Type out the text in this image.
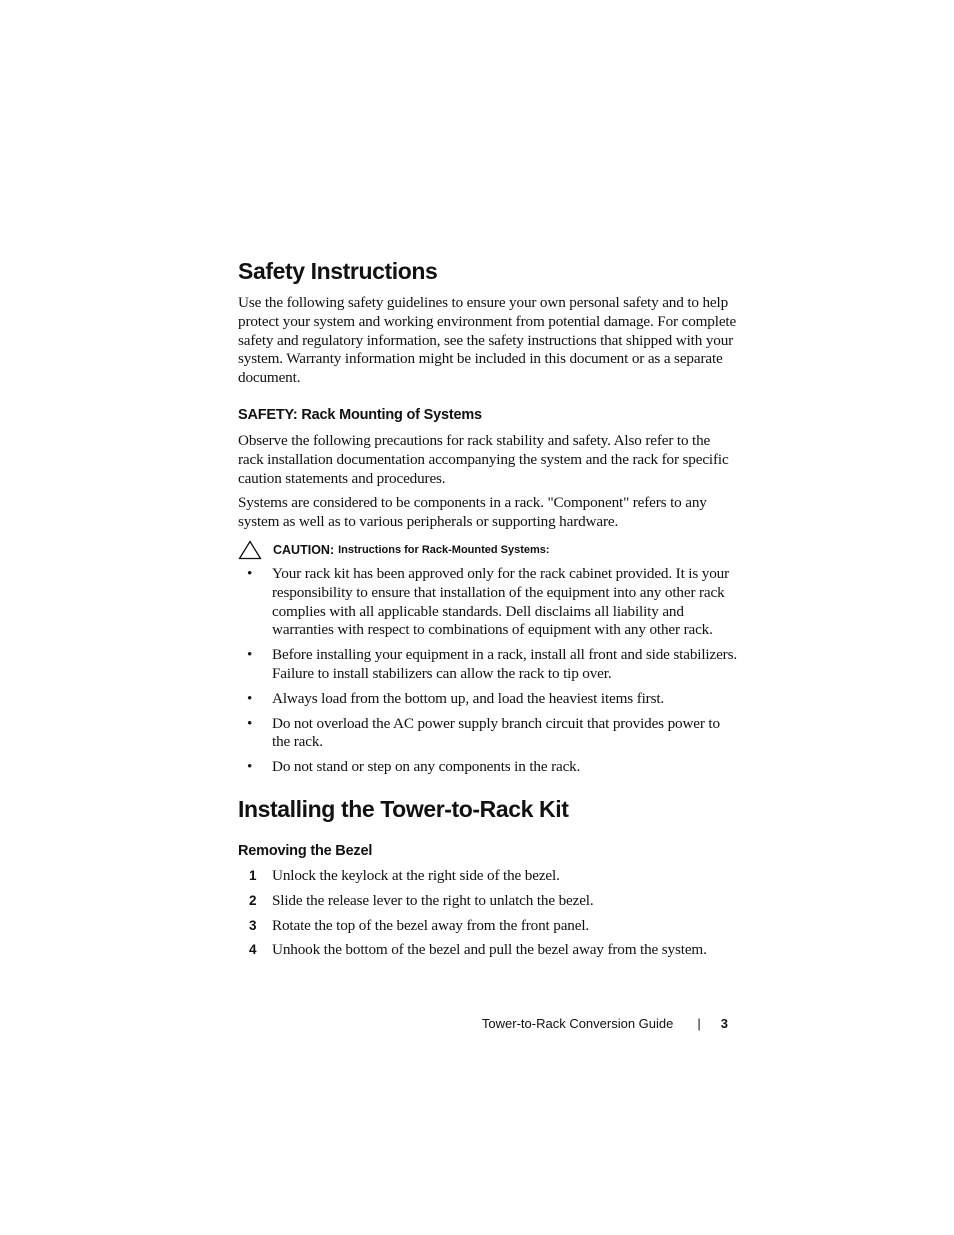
Safety Instructions

Use the following safety guidelines to ensure your own personal safety and to help protect your system and working environment from potential damage. For complete safety and regulatory information, see the safety instructions that shipped with your system. Warranty information might be included in this document or as a separate document.

SAFETY: Rack Mounting of Systems

Observe the following precautions for rack stability and safety. Also refer to the rack installation documentation accompanying the system and the rack for specific caution statements and procedures.

Systems are considered to be components in a rack. "Component" refers to any system as well as to various peripherals or supporting hardware.

CAUTION: Instructions for Rack-Mounted Systems:
• Your rack kit has been approved only for the rack cabinet provided. It is your responsibility to ensure that installation of the equipment into any other rack complies with all applicable standards. Dell disclaims all liability and warranties with respect to combinations of equipment with any other rack.
• Before installing your equipment in a rack, install all front and side stabilizers. Failure to install stabilizers can allow the rack to tip over.
• Always load from the bottom up, and load the heaviest items first.
• Do not overload the AC power supply branch circuit that provides power to the rack.
• Do not stand or step on any components in the rack.
Installing the Tower-to-Rack Kit
Removing the Bezel
1 Unlock the keylock at the right side of the bezel.
2 Slide the release lever to the right to unlatch the bezel.
3 Rotate the top of the bezel away from the front panel.
4 Unhook the bottom of the bezel and pull the bezel away from the system.
Tower-to-Rack Conversion Guide | 3
